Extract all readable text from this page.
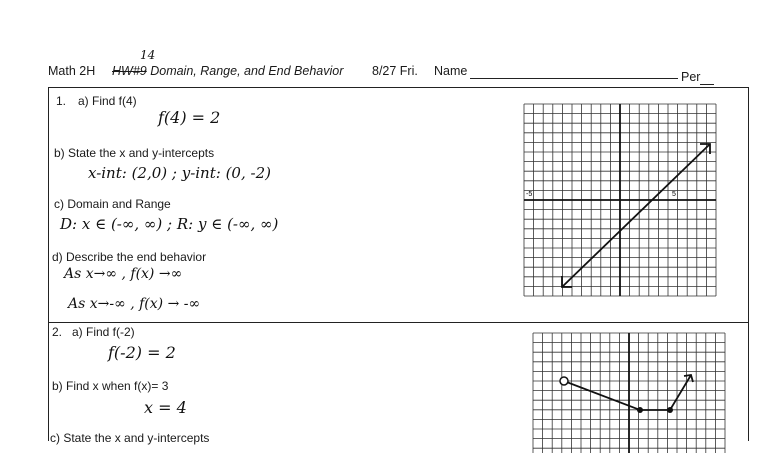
Math 2H HW#9 Domain, Range, and End Behavior
14
8/27 Fri. Name	Per
1. a) Find f(4)
f(4) = 2
b) State the x and y-intercepts
x-int: (2,0) ; y-int: (0, -2)
c) Domain and Range
D: x ∈ (-∞, ∞) ; R: y ∈ (-∞, ∞)
d) Describe the end behavior
As x→∞ , f(x) →∞
As x→-∞ , f(x) → -∞
-5	5
2. a) Find f(-2)
f(-2) = 2
b) Find x when f(x)= 3
x = 4
c) State the x and y-intercepts
